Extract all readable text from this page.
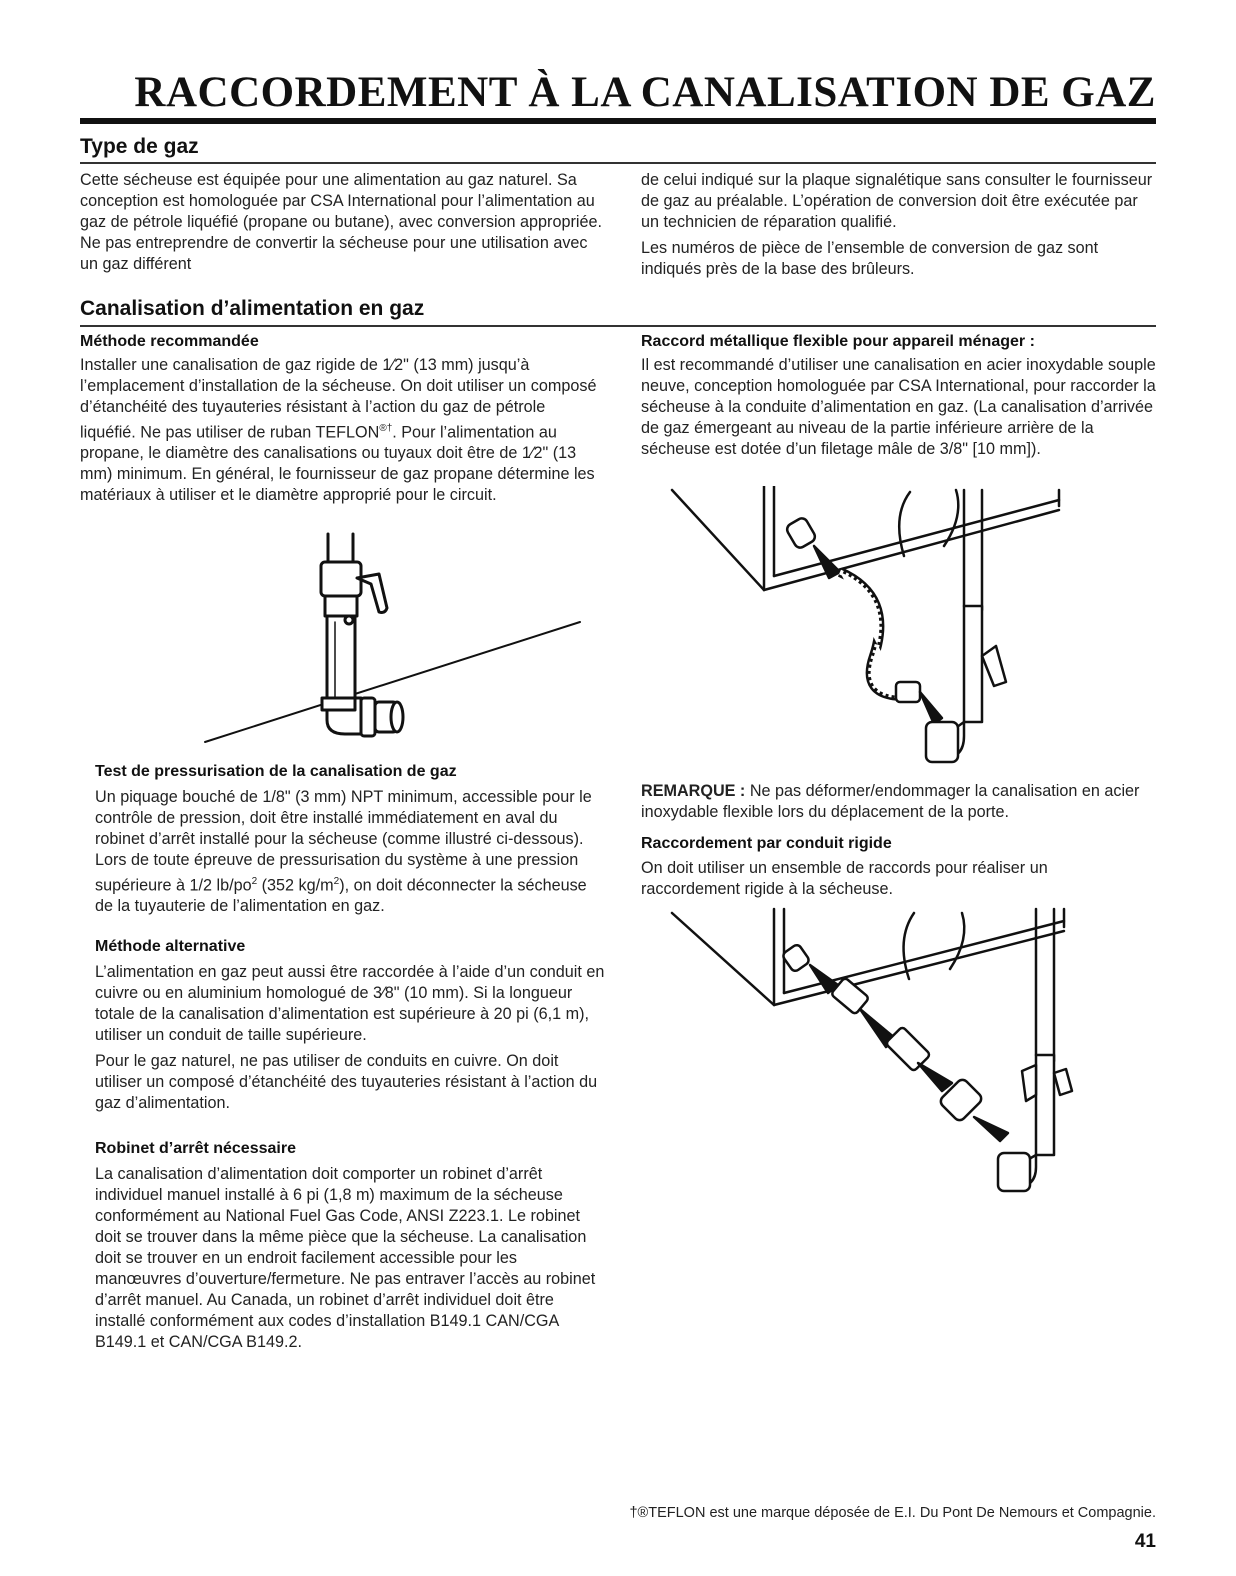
RACCORDEMENT À LA CANALISATION DE GAZ
Type de gaz

Cette sécheuse est équipée pour une alimentation au gaz naturel. Sa conception est homologuée par CSA International pour l’alimentation au gaz de pétrole liquéfié (propane ou butane), avec conversion appropriée. Ne pas entreprendre de convertir la sécheuse pour une utilisation avec un gaz différent

de celui indiqué sur la plaque signalétique sans consulter le fournisseur de gaz au préalable. L’opération de conversion doit être exécutée par un technicien de réparation qualifié.

Les numéros de pièce de l’ensemble de conversion de gaz sont indiqués près de la base des brûleurs.

Canalisation d’alimentation en gaz
Méthode recommandée

Installer une canalisation de gaz rigide de 1⁄2" (13 mm) jusqu’à l’emplacement d’installation de la sécheuse. On doit utiliser un composé d’étanchéité des tuyauteries résistant à l’action du gaz de pétrole liquéfié. Ne pas utiliser de ruban TEFLON®†. Pour l’alimentation au propane, le diamètre des canalisations ou tuyaux doit être de 1⁄2" (13 mm) minimum. En général, le fournisseur de gaz propane détermine les matériaux à utiliser et le diamètre approprié pour le circuit.

Test de pressurisation de la canalisation de gaz

Un piquage bouché de 1/8" (3 mm) NPT minimum, accessible pour le contrôle de pression, doit être installé immédiatement en aval du robinet d’arrêt installé pour la sécheuse (comme illustré ci-dessous). Lors de toute épreuve de pressurisation du système à une pression supérieure à 1/2 $lb/po^2$ (352 $kg/m^2$), on doit déconnecter la sécheuse de la tuyauterie de l’alimentation en gaz.

Méthode alternative

L’alimentation en gaz peut aussi être raccordée à l’aide d’un conduit en cuivre ou en aluminium homologué de 3⁄8" (10 mm). Si la longueur totale de la canalisation d’alimentation est supérieure à 20 pi (6,1 m), utiliser un conduit de taille supérieure.

Pour le gaz naturel, ne pas utiliser de conduits en cuivre. On doit utiliser un composé d’étanchéité des tuyauteries résistant à l’action du gaz d’alimentation.

Robinet d’arrêt nécessaire

La canalisation d’alimentation doit comporter un robinet d’arrêt individuel manuel installé à 6 pi (1,8 m) maximum de la sécheuse conformément au National Fuel Gas Code, ANSI Z223.1. Le robinet doit se trouver dans la même pièce que la sécheuse. La canalisation doit se trouver en un endroit facilement accessible pour les manœuvres d’ouverture/fermeture. Ne pas entraver l’accès au robinet d’arrêt manuel. Au Canada, un robinet d’arrêt individuel doit être installé conformément aux codes d’installation B149.1 CAN/CGA B149.1 et CAN/CGA B149.2.

Raccord métallique flexible pour appareil ménager :

Il est recommandé d’utiliser une canalisation en acier inoxydable souple neuve, conception homologuée par CSA International, pour raccorder la sécheuse à la conduite d’alimentation en gaz. (La canalisation d’arrivée de gaz émergeant au niveau de la partie inférieure arrière de la sécheuse est dotée d’un filetage mâle de 3/8" [10 mm]).

REMARQUE : Ne pas déformer/endommager la canalisation en acier inoxydable flexible lors du déplacement de la porte.

Raccordement par conduit rigide

On doit utiliser un ensemble de raccords pour réaliser un raccordement rigide à la sécheuse.

†®TEFLON est une marque déposée de E.I. Du Pont De Nemours et Compagnie.
41
